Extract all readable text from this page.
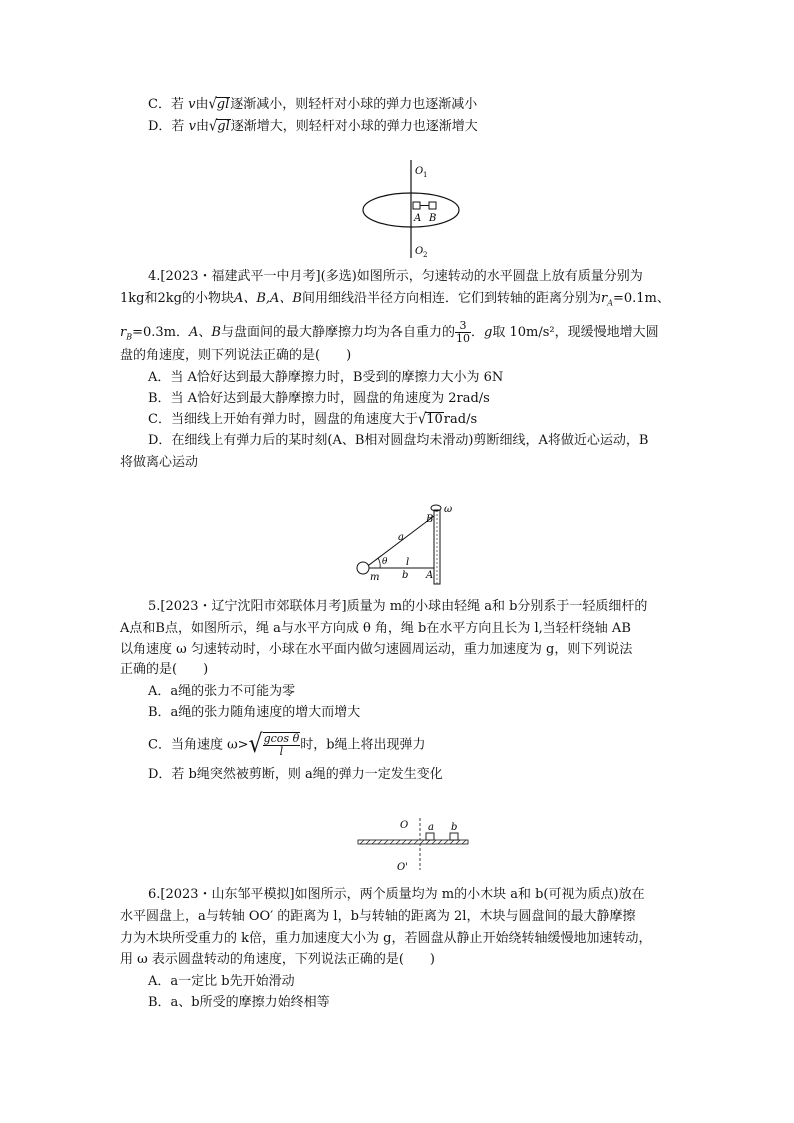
C．若 v由√gl逐渐减小，则轻杆对小球的弹力也逐渐减小
D．若 v由√gl逐渐增大，则轻杆对小球的弹力也逐渐增大
O 1
A B
O 2
4.[2023・福建武平一中月考](多选)如图所示，匀速转动的水平圆盘上放有质量分别为
1kg和2kg的小物块A、B,A、B间用细线沿半径方向相连．它们到转轴的距离分别为$r_A=0.1m$、
$r_B=0.3m$．A、B与盘面间的最大静摩擦力均为各自重力的 $\frac{3}{10}$ ．g取 10m/s²，现缓慢地增大圆
盘的角速度，则下列说法正确的是(　　)
A．当 A恰好达到最大静摩擦力时，B受到的摩擦力大小为 6N
B．当 A恰好达到最大静摩擦力时，圆盘的角速度为 2rad/s
C．当细线上开始有弹力时，圆盘的角速度大于√10rad/s
D．在细线上有弹力后的某时刻(A、B相对圆盘均未滑动)剪断细线，A将做近心运动，B
将做离心运动
ω
B
a
θ l
m b A
5.[2023・辽宁沈阳市郊联体月考]质量为 m的小球由轻绳 a和 b分别系于一轻质细杆的
A点和B点，如图所示，绳 a与水平方向成 θ 角，绳 b在水平方向且长为 l,当轻杆绕轴 AB
以角速度 ω 匀速转动时，小球在水平面内做匀速圆周运动，重力加速度为 g，则下列说法
正确的是(　　)
A．a绳的张力不可能为零
B．a绳的张力随角速度的增大而增大
C．当角速度 $\omega>√ \frac{\text{gcos θ}}{l}$ 时，b绳上将出现弹力
D．若 b绳突然被剪断，则 a绳的弹力一定发生变化
O a b
O'
6.[2023・山东邹平模拟]如图所示，两个质量均为 m的小木块 a和 b(可视为质点)放在
水平圆盘上，a与转轴 OO′ 的距离为 l，b与转轴的距离为 2l，木块与圆盘间的最大静摩擦
力为木块所受重力的 k倍，重力加速度大小为 g，若圆盘从静止开始绕转轴缓慢地加速转动，
用 ω 表示圆盘转动的角速度，下列说法正确的是(　　)
A．a一定比 b先开始滑动
B．a、b所受的摩擦力始终相等
